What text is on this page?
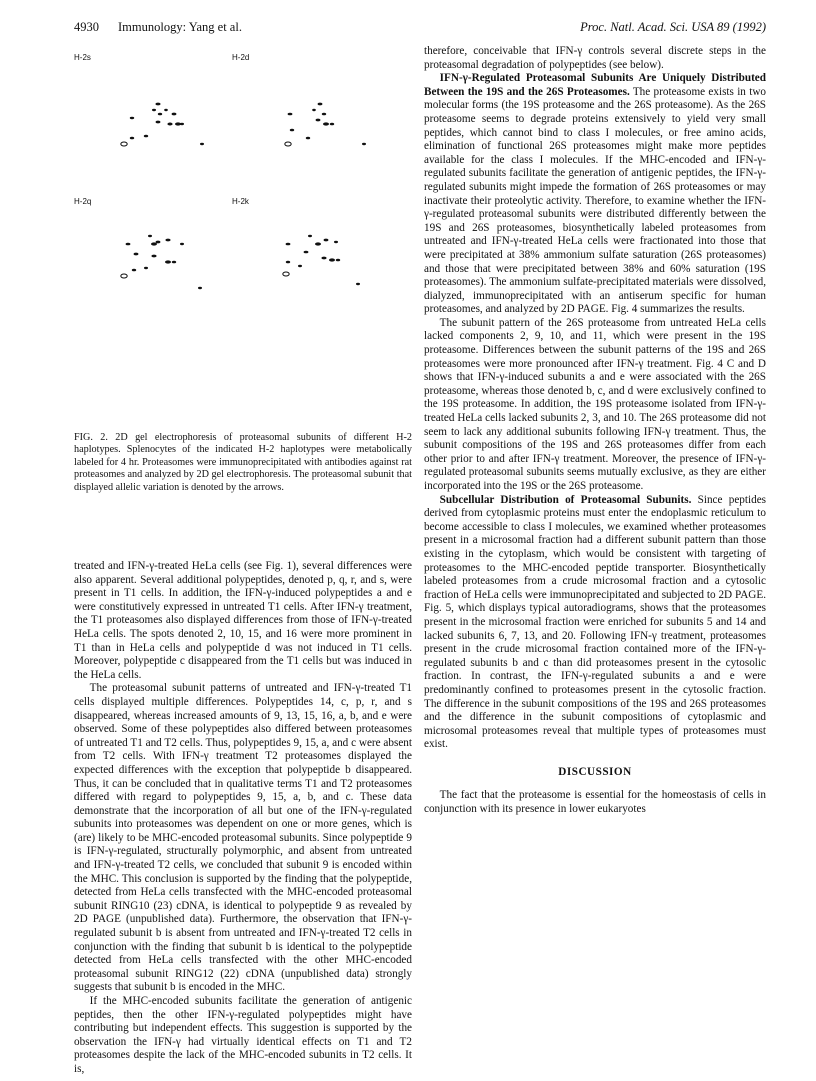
4930 Immunology: Yang et al.	Proc. Natl. Acad. Sci. USA 89 (1992)
H-2s	H-2d
H-2q	H-2k
FIG. 2. 2D gel electrophoresis of proteasomal subunits of different H-2 haplotypes. Splenocytes of the indicated H-2 haplotypes were metabolically labeled for 4 hr. Proteasomes were immunoprecipitated with antibodies against rat proteasomes and analyzed by 2D gel electrophoresis. The proteasomal subunit that displayed allelic variation is denoted by the arrows.

treated and IFN-γ-treated HeLa cells (see Fig. 1), several differences were also apparent. Several additional polypeptides, denoted p, q, r, and s, were present in T1 cells. In addition, the IFN-γ-induced polypeptides a and e were constitutively expressed in untreated T1 cells. After IFN-γ treatment, the T1 proteasomes also displayed differences from those of IFN-γ-treated HeLa cells. The spots denoted 2, 10, 15, and 16 were more prominent in T1 than in HeLa cells and polypeptide d was not induced in T1 cells. Moreover, polypeptide c disappeared from the T1 cells but was induced in the HeLa cells.

The proteasomal subunit patterns of untreated and IFN-γ-treated T1 cells displayed multiple differences. Polypeptides 14, c, p, r, and s disappeared, whereas increased amounts of 9, 13, 15, 16, a, b, and e were observed. Some of these polypeptides also differed between proteasomes of untreated T1 and T2 cells. Thus, polypeptides 9, 15, a, and c were absent from T2 cells. With IFN-γ treatment T2 proteasomes displayed the expected differences with the exception that polypeptide b disappeared. Thus, it can be concluded that in qualitative terms T1 and T2 proteasomes differed with regard to polypeptides 9, 15, a, b, and c. These data demonstrate that the incorporation of all but one of the IFN-γ-regulated subunits into proteasomes was dependent on one or more genes, which is (are) likely to be MHC-encoded proteasomal subunits. Since polypeptide 9 is IFN-γ-regulated, structurally polymorphic, and absent from untreated and IFN-γ-treated T2 cells, we concluded that subunit 9 is encoded within the MHC. This conclusion is supported by the finding that the polypeptide, detected from HeLa cells transfected with the MHC-encoded proteasomal subunit RING10 (23) cDNA, is identical to polypeptide 9 as revealed by 2D PAGE (unpublished data). Furthermore, the observation that IFN-γ-regulated subunit b is absent from untreated and IFN-γ-treated T2 cells in conjunction with the finding that subunit b is identical to the polypeptide detected from HeLa cells transfected with the other MHC-encoded proteasomal subunit RING12 (22) cDNA (unpublished data) strongly suggests that subunit b is encoded in the MHC.

If the MHC-encoded subunits facilitate the generation of antigenic peptides, then the other IFN-γ-regulated polypeptides might have contributing but independent effects. This suggestion is supported by the observation the IFN-γ had virtually identical effects on T1 and T2 proteasomes despite the lack of the MHC-encoded subunits in T2 cells. It is,

therefore, conceivable that IFN-γ controls several discrete steps in the proteasomal degradation of polypeptides (see below).

IFN-γ-Regulated Proteasomal Subunits Are Uniquely Distributed Between the 19S and the 26S Proteasomes. The proteasome exists in two molecular forms (the 19S proteasome and the 26S proteasome). As the 26S proteasome seems to degrade proteins extensively to yield very small peptides, which cannot bind to class I molecules, or free amino acids, elimination of functional 26S proteasomes might make more peptides available for the class I molecules. If the MHC-encoded and IFN-γ-regulated subunits facilitate the generation of antigenic peptides, the IFN-γ-regulated subunits might impede the formation of 26S proteasomes or may inactivate their proteolytic activity. Therefore, to examine whether the IFN-γ-regulated proteasomal subunits were distributed differently between the 19S and 26S proteasomes, biosynthetically labeled proteasomes from untreated and IFN-γ-treated HeLa cells were fractionated into those that were precipitated at 38% ammonium sulfate saturation (26S proteasomes) and those that were precipitated between 38% and 60% saturation (19S proteasomes). The ammonium sulfate-precipitated materials were dissolved, dialyzed, immunoprecipitated with an antiserum specific for human proteasomes, and analyzed by 2D PAGE. Fig. 4 summarizes the results.

The subunit pattern of the 26S proteasome from untreated HeLa cells lacked components 2, 9, 10, and 11, which were present in the 19S proteasome. Differences between the subunit patterns of the 19S and 26S proteasomes were more pronounced after IFN-γ treatment. Fig. 4 C and D shows that IFN-γ-induced subunits a and e were associated with the 26S proteasome, whereas those denoted b, c, and d were exclusively confined to the 19S proteasome. In addition, the 19S proteasome isolated from IFN-γ-treated HeLa cells lacked subunits 2, 3, and 10. The 26S proteasome did not seem to lack any additional subunits following IFN-γ treatment. Thus, the subunit compositions of the 19S and 26S proteasomes differ from each other prior to and after IFN-γ treatment. Moreover, the presence of IFN-γ-regulated proteasomal subunits seems mutually exclusive, as they are either incorporated into the 19S or the 26S proteasome.

Subcellular Distribution of Proteasomal Subunits. Since peptides derived from cytoplasmic proteins must enter the endoplasmic reticulum to become accessible to class I molecules, we examined whether proteasomes present in a microsomal fraction had a different subunit pattern than those existing in the cytoplasm, which would be consistent with targeting of proteasomes to the MHC-encoded peptide transporter. Biosynthetically labeled proteasomes from a crude microsomal fraction and a cytosolic fraction of HeLa cells were immunoprecipitated and subjected to 2D PAGE. Fig. 5, which displays typical autoradiograms, shows that the proteasomes present in the microsomal fraction were enriched for subunits 5 and 14 and lacked subunits 6, 7, 13, and 20. Following IFN-γ treatment, proteasomes present in the crude microsomal fraction contained more of the IFN-γ-regulated subunits b and c than did proteasomes present in the cytosolic fraction. In contrast, the IFN-γ-regulated subunits a and e were predominantly confined to proteasomes present in the cytosolic fraction. The difference in the subunit compositions of the 19S and 26S proteasomes and the difference in the subunit compositions of cytoplasmic and microsomal proteasomes reveal that multiple types of proteasomes must exist.

DISCUSSION

The fact that the proteasome is essential for the homeostasis of cells in conjunction with its presence in lower eukaryotes
